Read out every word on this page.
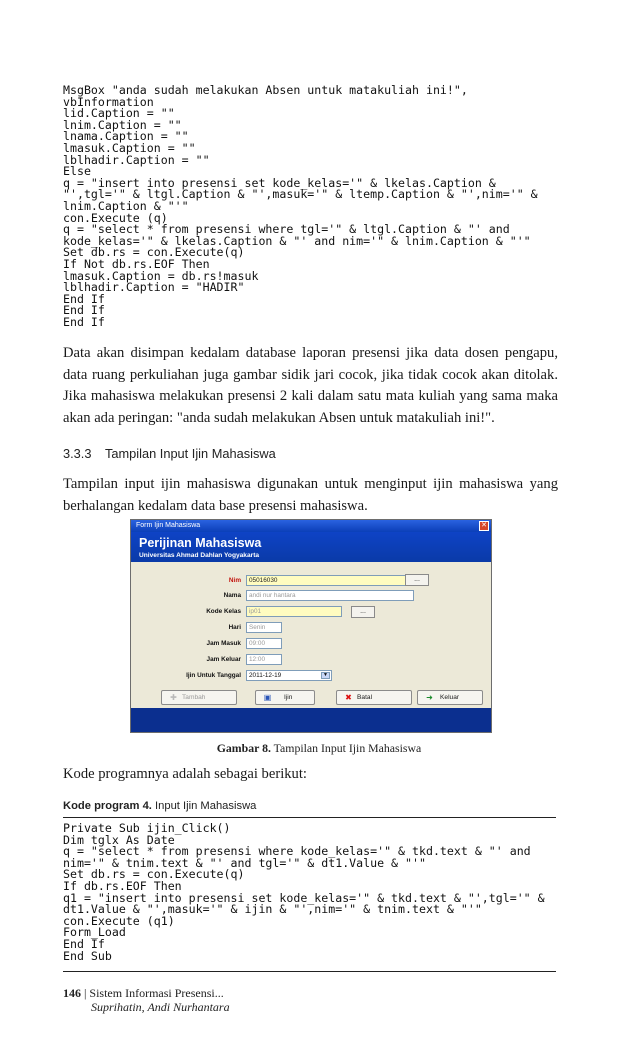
MsgBox "anda sudah melakukan Absen untuk matakuliah ini!",
vbInformation
lid.Caption = ""
lnim.Caption = ""
lnama.Caption = ""
lmasuk.Caption = ""
lblhadir.Caption = ""
Else
q = "insert into presensi set kode_kelas='" & lkelas.Caption &
"',tgl='" & ltgl.Caption & "',masuk='" & ltemp.Caption & "',nim='" &
lnim.Caption & "'"
con.Execute (q)
q = "select * from presensi where tgl='" & ltgl.Caption & "' and
kode_kelas='" & lkelas.Caption & "' and nim='" & lnim.Caption & "'"
Set db.rs = con.Execute(q)
If Not db.rs.EOF Then
lmasuk.Caption = db.rs!masuk
lblhadir.Caption = "HADIR"
End If
End If
End If

Data akan disimpan kedalam database laporan presensi jika data dosen pengapu, data ruang perkuliahan juga gambar sidik jari cocok, jika tidak cocok akan ditolak. Jika mahasiswa melakukan presensi 2 kali dalam satu mata kuliah yang sama maka akan ada peringan: "anda sudah melakukan Absen untuk matakuliah ini!".

3.3.3 Tampilan Input Ijin Mahasiswa

Tampilan input ijin mahasiswa digunakan untuk menginput ijin mahasiswa yang berhalangan kedalam data base presensi mahasiswa.

Form Ijin Mahasiswa	✕
Perijinan Mahasiswa
Universitas Ahmad Dahlan Yogyakarta
Nim	05016030	...
Nama	andi nur hantara
Kode Kelas	ip01	...
Hari	Senin
Jam Masuk	09:00
Jam Keluar	12:00
Ijin Untuk Tanggal	2011-12-19	▼
✚ Tambah	▣ Ijin	✖ Batal	➜ Keluar
Gambar 8. Tampilan Input Ijin Mahasiswa

Kode programnya adalah sebagai berikut:

Kode program 4. Input Ijin Mahasiswa
Private Sub ijin_Click()
Dim tglx As Date
q = "select * from presensi where kode_kelas='" & tkd.text & "' and
nim='" & tnim.text & "' and tgl='" & dt1.Value & "'"
Set db.rs = con.Execute(q)
If db.rs.EOF Then
q1 = "insert into presensi set kode_kelas='" & tkd.text & "',tgl='" &
dt1.Value & "',masuk='" & ijin & "',nim='" & tnim.text & "'"
con.Execute (q1)
Form_Load
End If
End Sub
146 | Sistem Informasi Presensi...
Suprihatin, Andi Nurhantara
